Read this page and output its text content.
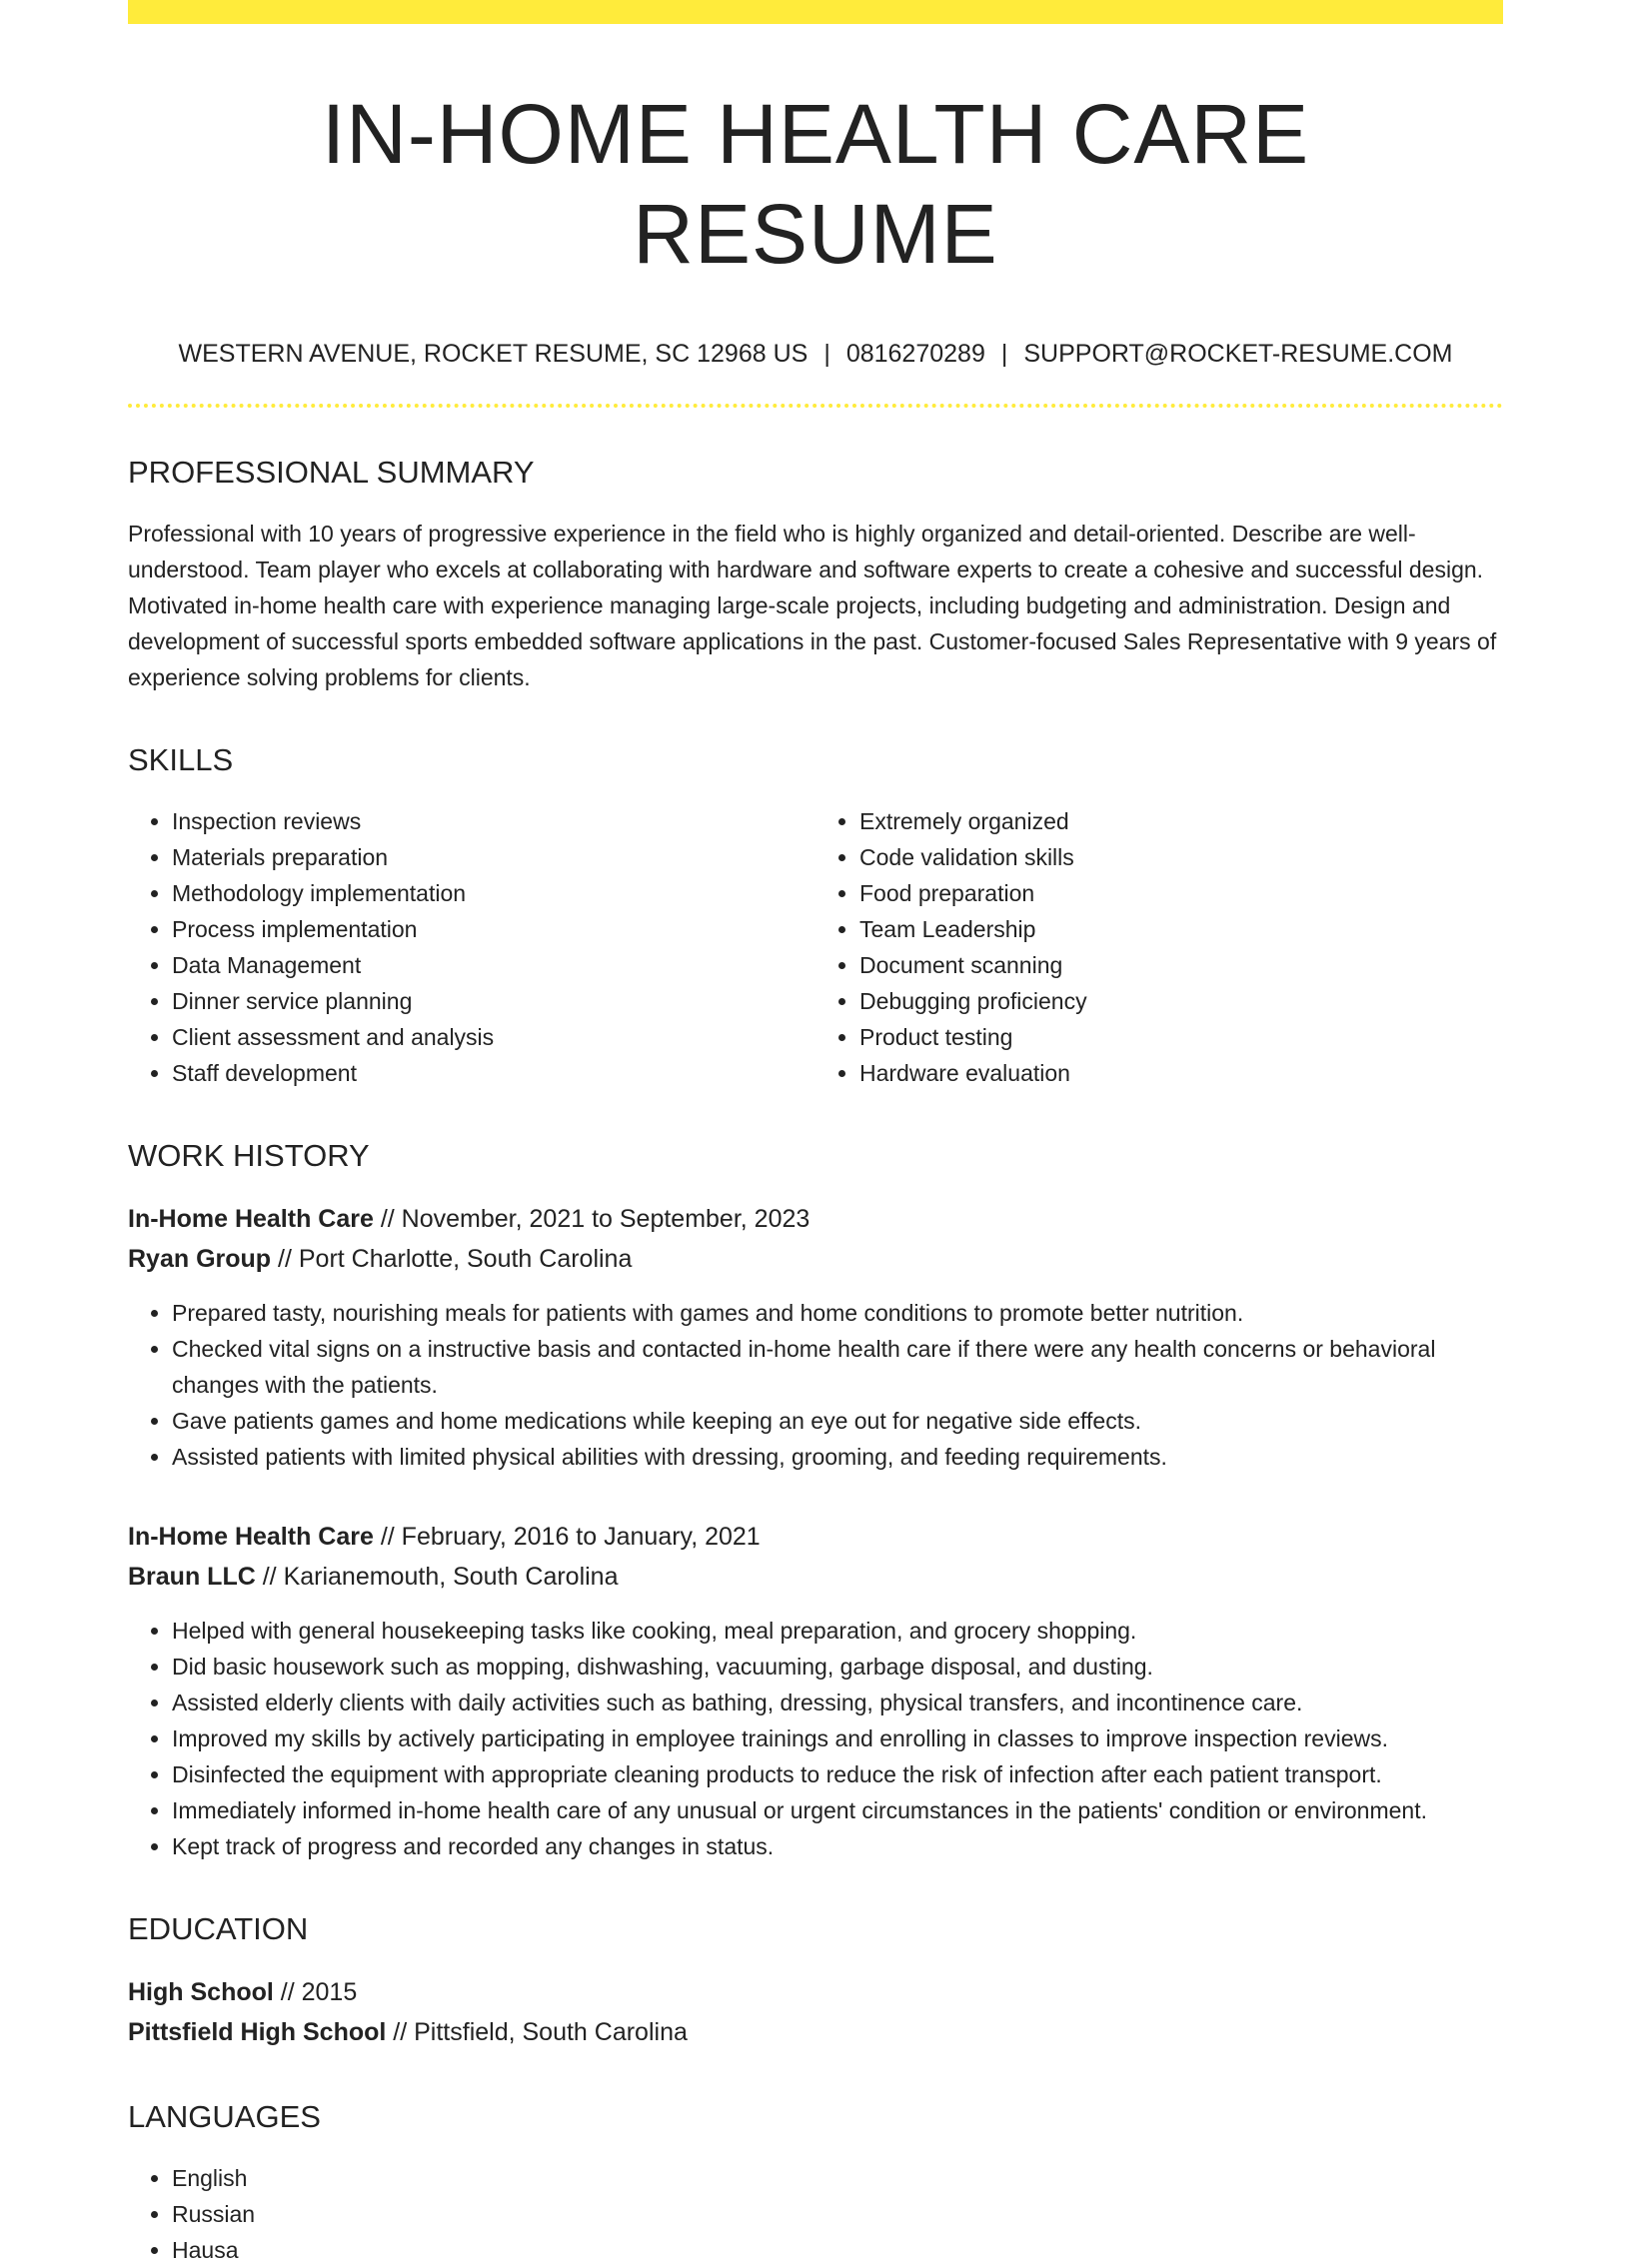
IN-HOME HEALTH CARE RESUME
WESTERN AVENUE, ROCKET RESUME, SC 12968 US | 0816270289 | SUPPORT@ROCKET-RESUME.COM
PROFESSIONAL SUMMARY

Professional with 10 years of progressive experience in the field who is highly organized and detail-oriented. Describe are well-understood. Team player who excels at collaborating with hardware and software experts to create a cohesive and successful design. Motivated in-home health care with experience managing large-scale projects, including budgeting and administration. Design and development of successful sports embedded software applications in the past. Customer-focused Sales Representative with 9 years of experience solving problems for clients.

SKILLS
• Inspection reviews
• Materials preparation
• Methodology implementation
• Process implementation
• Data Management
• Dinner service planning
• Client assessment and analysis
• Staff development
• Extremely organized
• Code validation skills
• Food preparation
• Team Leadership
• Document scanning
• Debugging proficiency
• Product testing
• Hardware evaluation
WORK HISTORY

In-Home Health Care // November, 2021 to September, 2023

Ryan Group // Port Charlotte, South Carolina

• Prepared tasty, nourishing meals for patients with games and home conditions to promote better nutrition.
• Checked vital signs on a instructive basis and contacted in-home health care if there were any health concerns or behavioral changes with the patients.
• Gave patients games and home medications while keeping an eye out for negative side effects.
• Assisted patients with limited physical abilities with dressing, grooming, and feeding requirements.

In-Home Health Care // February, 2016 to January, 2021

Braun LLC // Karianemouth, South Carolina

• Helped with general housekeeping tasks like cooking, meal preparation, and grocery shopping.
• Did basic housework such as mopping, dishwashing, vacuuming, garbage disposal, and dusting.
• Assisted elderly clients with daily activities such as bathing, dressing, physical transfers, and incontinence care.
• Improved my skills by actively participating in employee trainings and enrolling in classes to improve inspection reviews.
• Disinfected the equipment with appropriate cleaning products to reduce the risk of infection after each patient transport.
• Immediately informed in-home health care of any unusual or urgent circumstances in the patients' condition or environment.
• Kept track of progress and recorded any changes in status.
EDUCATION

High School // 2015

Pittsfield High School // Pittsfield, South Carolina

LANGUAGES
• English
• Russian
• Hausa
